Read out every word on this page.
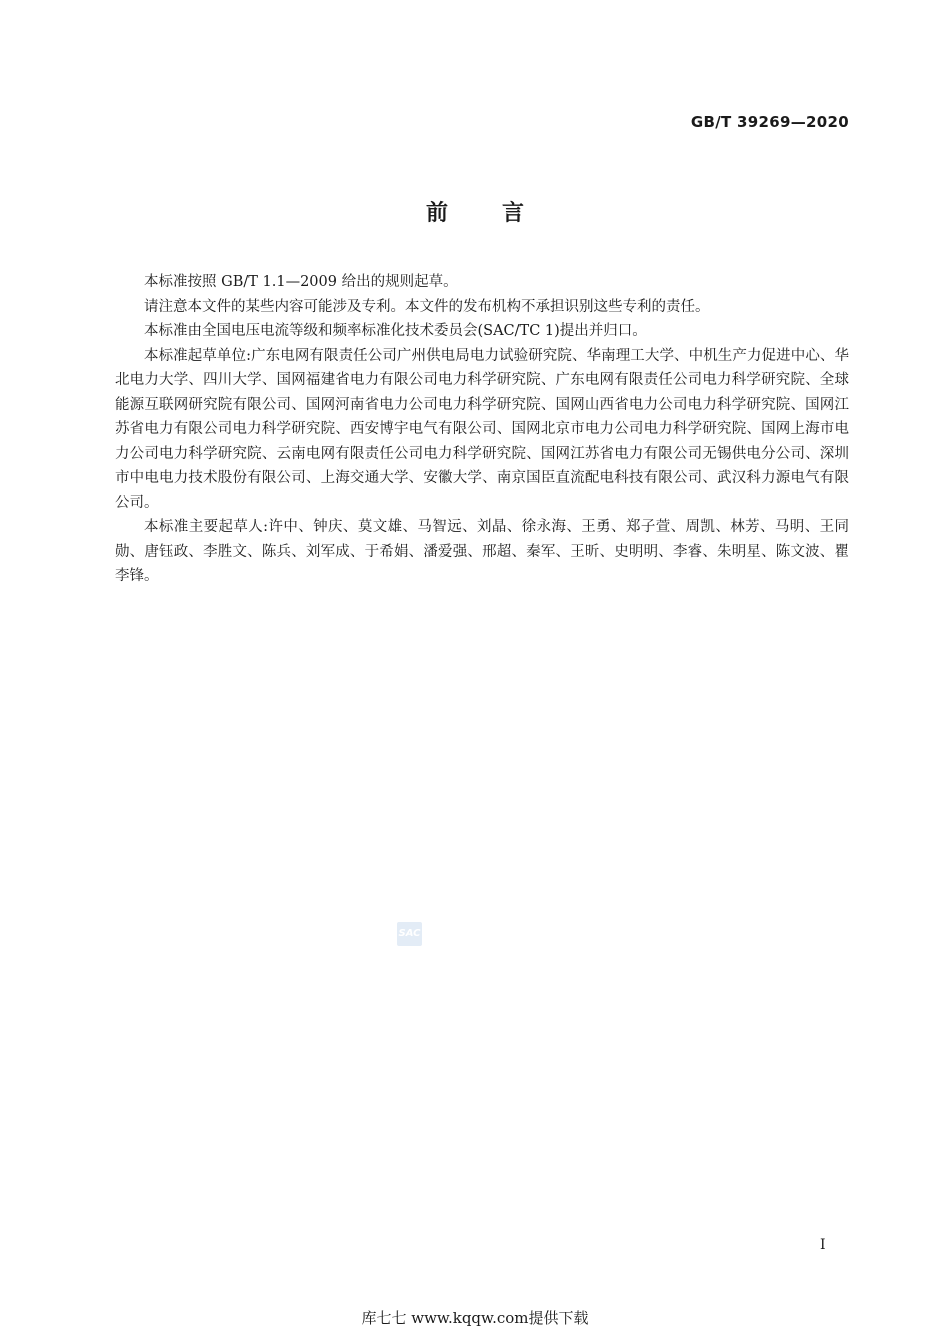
GB/T 39269—2020
前言

本标准按照 GB/T 1.1—2009 给出的规则起草。

请注意本文件的某些内容可能涉及专利。本文件的发布机构不承担识别这些专利的责任。

本标准由全国电压电流等级和频率标准化技术委员会(SAC/TC 1)提出并归口。

本标准起草单位:广东电网有限责任公司广州供电局电力试验研究院、华南理工大学、中机生产力促进中心、华北电力大学、四川大学、国网福建省电力有限公司电力科学研究院、广东电网有限责任公司电力科学研究院、全球能源互联网研究院有限公司、国网河南省电力公司电力科学研究院、国网山西省电力公司电力科学研究院、国网江苏省电力有限公司电力科学研究院、西安博宇电气有限公司、国网北京市电力公司电力科学研究院、国网上海市电力公司电力科学研究院、云南电网有限责任公司电力科学研究院、国网江苏省电力有限公司无锡供电分公司、深圳市中电电力技术股份有限公司、上海交通大学、安徽大学、南京国臣直流配电科技有限公司、武汉科力源电气有限公司。

本标准主要起草人:许中、钟庆、莫文雄、马智远、刘晶、徐永海、王勇、郑子萱、周凯、林芳、马明、王同勋、唐钰政、李胜文、陈兵、刘军成、于希娟、潘爱强、邢超、秦军、王昕、史明明、李睿、朱明星、陈文波、瞿李锋。

SAC
I
库七七 www.kqqw.com提供下载
